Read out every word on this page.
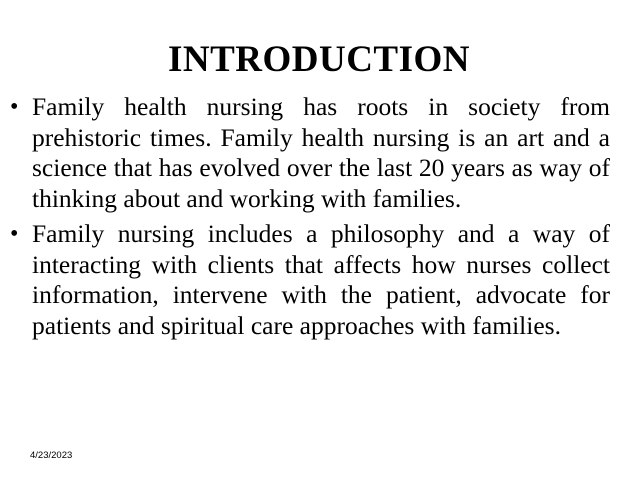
INTRODUCTION
• Family health nursing has roots in society from prehistoric times. Family health nursing is an art and a science that has evolved over the last 20 years as way of thinking about and working with families.
• Family nursing includes a philosophy and a way of interacting with clients that affects how nurses collect information, intervene with the patient, advocate for patients and spiritual care approaches with families.
4/23/2023
